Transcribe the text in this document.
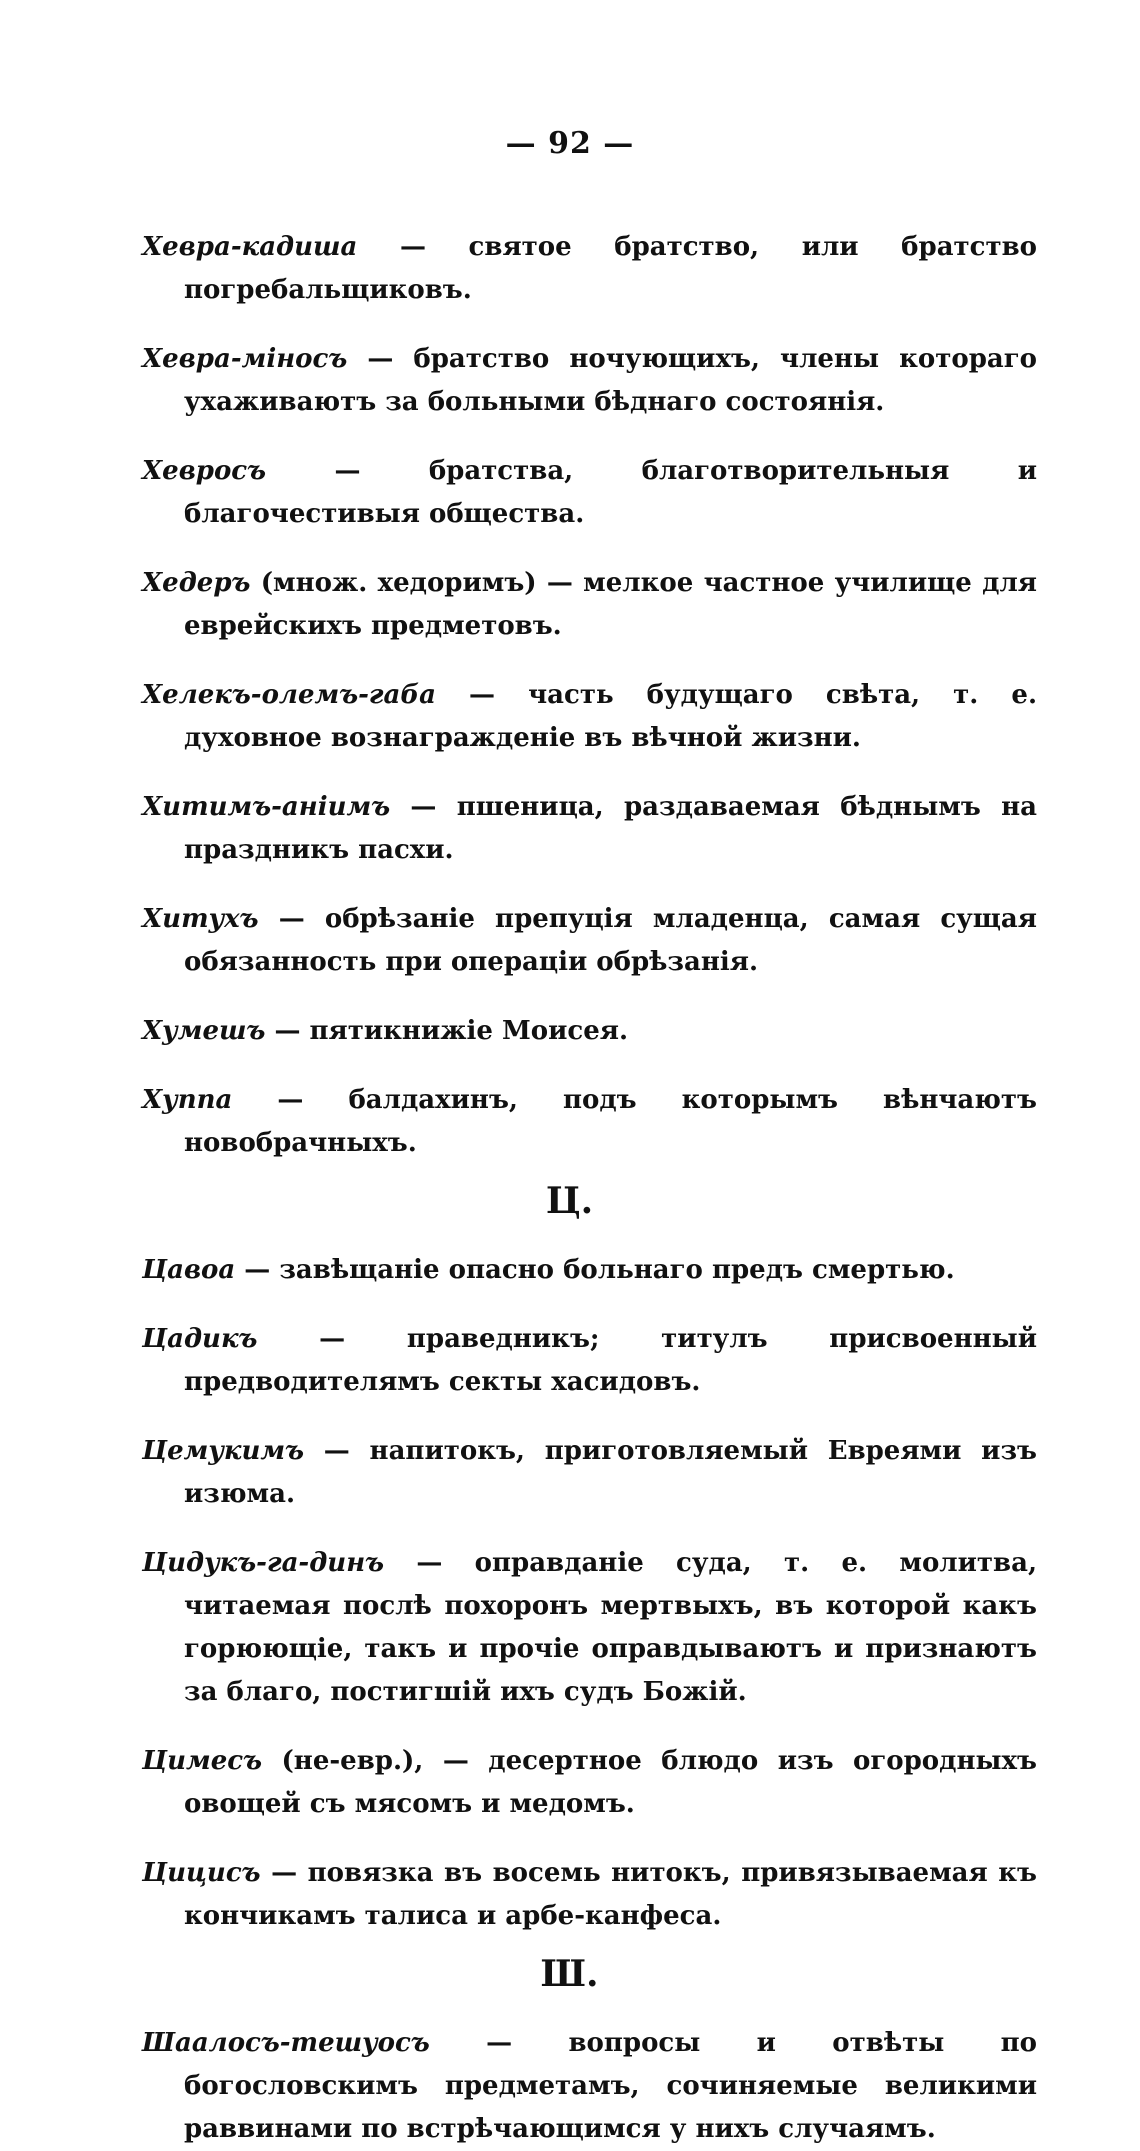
— 92 —

Хевра-кадиша — святое братство, или братство погребальщиковъ.

Хевра-мiносъ — братство ночующихъ, члены котораго ухаживаютъ за больными бѣднаго состоянiя.

Хевросъ — братства, благотворительныя и благочестивыя общества.

Хедеръ (множ. хедоримъ) — мелкое частное училище для еврейскихъ предметовъ.

Хелекъ-олемъ-габа — часть будущаго свѣта, т. е. духовное вознагражденiе въ вѣчной жизни.

Хитимъ-анiимъ — пшеница, раздаваемая бѣднымъ на праздникъ пасхи.

Хитухъ — обрѣзанiе препуцiя младенца, самая сущая обязанность при операцiи обрѣзанiя.

Хумешъ — пятикнижiе Моисея.

Хуппа — балдахинъ, подъ которымъ вѣнчаютъ новобрачныхъ.

Ц.

Цавоа — завѣщанiе опасно больнаго предъ смертью.

Цадикъ — праведникъ; титулъ присвоенный предводителямъ секты хасидовъ.

Цемукимъ — напитокъ, приготовляемый Евреями изъ изюма.

Цидукъ-га-динъ — оправданiе суда, т. е. молитва, читаемая послѣ похоронъ мертвыхъ, въ которой какъ горюющiе, такъ и прочiе оправдываютъ и признаютъ за благо, постигшiй ихъ судъ Божiй.

Цимесъ (не-евр.), — десертное блюдо изъ огородныхъ овощей съ мясомъ и медомъ.

Цицисъ — повязка въ восемь нитокъ, привязываемая къ кончикамъ талиса и арбе-канфеса.

Ш.

Шаалосъ-тешуосъ — вопросы и отвѣты по богословскимъ предметамъ, сочиняемые великими раввинами по встрѣчающимся у нихъ случаямъ.
